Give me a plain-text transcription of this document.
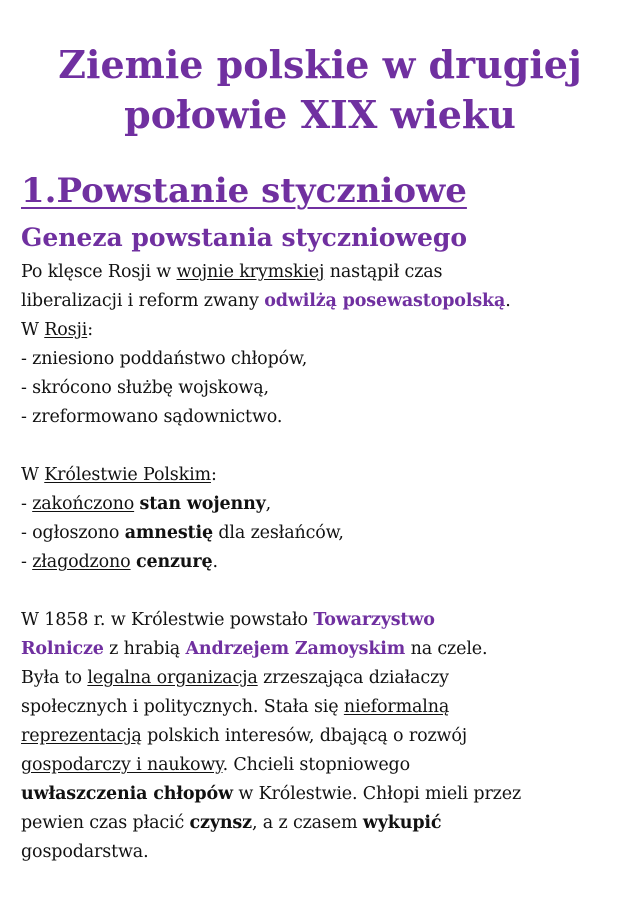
Ziemie polskie w drugiej
połowie XIX wieku
1.Powstanie styczniowe
Geneza powstania styczniowego
Po klęsce Rosji w wojnie krymskiej nastąpił czas
liberalizacji i reform zwany odwilżą posewastopolską.
W Rosji:
- zniesiono poddaństwo chłopów,
- skrócono służbę wojskową,
- zreformowano sądownictwo.
W Królestwie Polskim:
- zakończono stan wojenny,
- ogłoszono amnestię dla zesłańców,
- złagodzono cenzurę.
W 1858 r. w Królestwie powstało Towarzystwo
Rolnicze z hrabią Andrzejem Zamoyskim na czele.
Była to legalna organizacja zrzeszająca działaczy
społecznych i politycznych. Stała się nieformalną
reprezentacją polskich interesów, dbającą o rozwój
gospodarczy i naukowy. Chcieli stopniowego
uwłaszczenia chłopów w Królestwie. Chłopi mieli przez
pewien czas płacić czynsz, a z czasem wykupić
gospodarstwa.
